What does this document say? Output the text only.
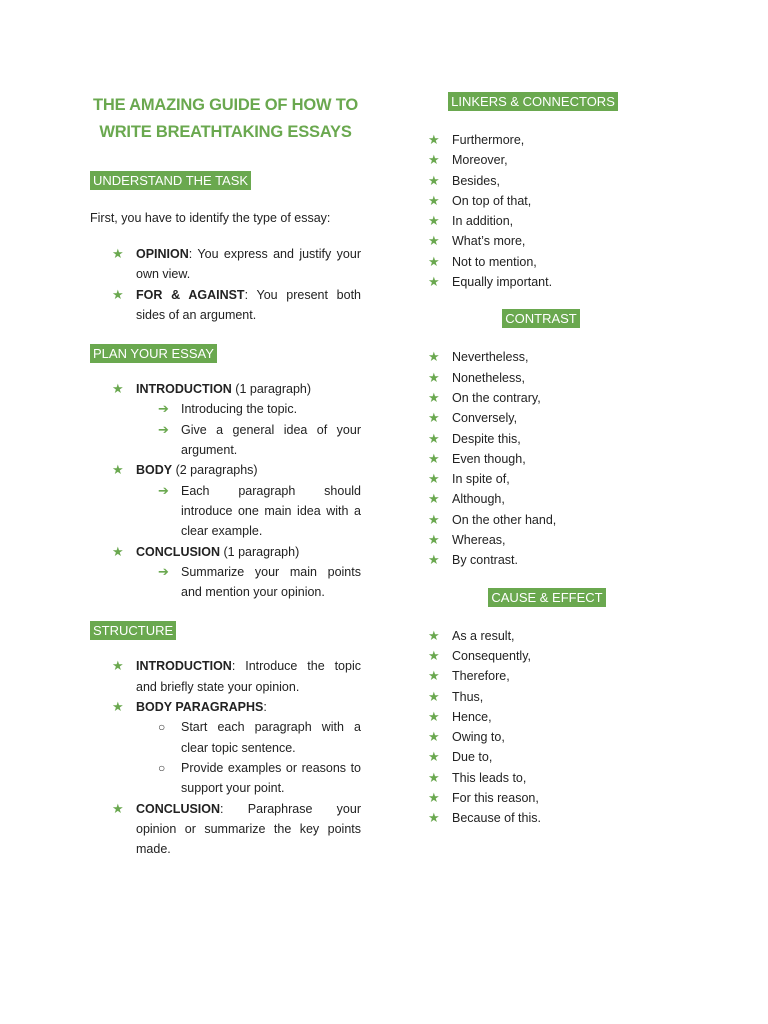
THE AMAZING GUIDE OF HOW TO WRITE BREATHTAKING ESSAYS
UNDERSTAND THE TASK

First, you have to identify the type of essay:

★ OPINION: You express and justify your own view.
★ FOR & AGAINST: You present both sides of an argument.
PLAN YOUR ESSAY
★ INTRODUCTION (1 paragraph)
➔ Introducing the topic.
➔ Give a general idea of your argument.
★ BODY (2 paragraphs)
➔ Each paragraph should introduce one main idea with a clear example.
★ CONCLUSION (1 paragraph)
➔ Summarize your main points and mention your opinion.
STRUCTURE
★ INTRODUCTION: Introduce the topic and briefly state your opinion.
★ BODY PARAGRAPHS:
○ Start each paragraph with a clear topic sentence.
○ Provide examples or reasons to support your point.
★ CONCLUSION: Paraphrase your opinion or summarize the key points made.
LINKERS & CONNECTORS
★ Furthermore,
★ Moreover,
★ Besides,
★ On top of that,
★ In addition,
★ What’s more,
★ Not to mention,
★ Equally important.
CONTRAST
★ Nevertheless,
★ Nonetheless,
★ On the contrary,
★ Conversely,
★ Despite this,
★ Even though,
★ In spite of,
★ Although,
★ On the other hand,
★ Whereas,
★ By contrast.
CAUSE & EFFECT
★ As a result,
★ Consequently,
★ Therefore,
★ Thus,
★ Hence,
★ Owing to,
★ Due to,
★ This leads to,
★ For this reason,
★ Because of this.
